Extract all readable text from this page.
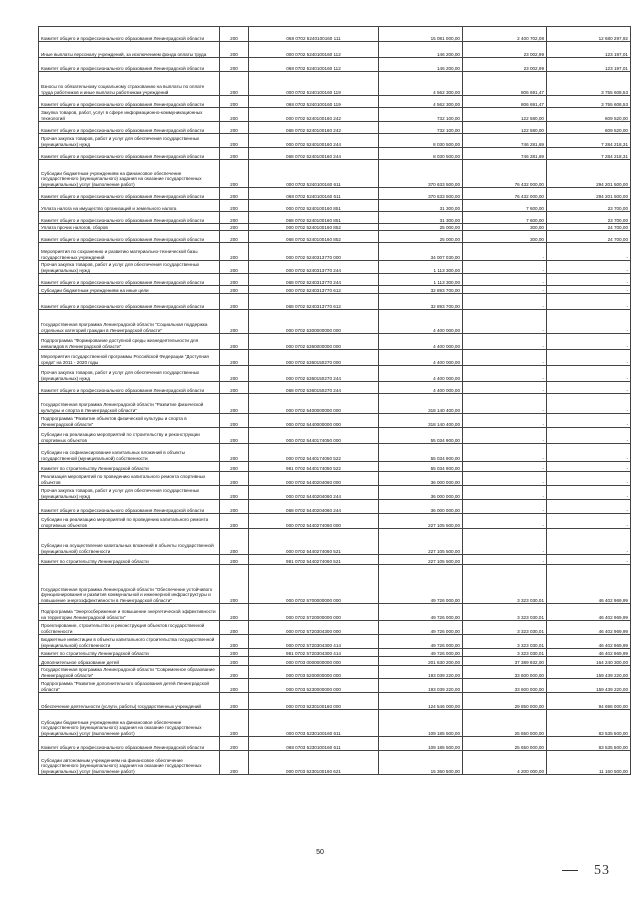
Комитет общего и профессионального образования Ленинградской области	200	068 0702 5240100160 111	15 081 000,00	2 400 702,08	12 680 297,92
Иные выплаты персоналу учреждений, за исключением фонда оплаты труда	200	000 0702 5240100160 112	146 200,00	23 002,99	123 197,01
Комитет общего и профессионального образования Ленинградской области	200	068 0702 5240100160 112	146 200,00	23 002,99	123 197,01
Взносы по обязательному социальному страхованию на выплаты по оплате труда работников и иные выплаты работникам учреждений	200	000 0702 5240100160 119	4 562 300,00	806 691,47	3 755 608,53
Комитет общего и профессионального образования Ленинградской области	200	068 0702 5240100160 119	4 562 300,00	806 691,47	3 755 608,53
Закупка товаров, работ, услуг в сфере информационно-коммуникационных технологий	200	000 0702 5240100160 242	732 100,00	122 580,00	609 520,00
Комитет общего и профессионального образования Ленинградской области	200	068 0702 5240100160 242	732 100,00	122 580,00	609 520,00
Прочая закупка товаров, работ и услуг для обеспечения государственных (муниципальных) нужд	200	000 0702 5240100160 244	8 030 500,00	746 281,69	7 284 218,31
Комитет общего и профессионального образования Ленинградской области	200	068 0702 5240100160 244	8 030 500,00	746 281,69	7 284 218,31
Субсидии бюджетным учреждениям на финансовое обеспечение государственного (муниципального) задания на оказание государственных (муниципальных) услуг (выполнение работ)	200	000 0702 5240100160 611	370 633 500,00	76 432 000,00	294 201 500,00
Комитет общего и профессионального образования Ленинградской области	200	068 0702 5240100160 611	370 633 500,00	76 432 000,00	294 201 500,00
Уплата налога на имущество организаций и земельного налога	200	000 0702 5240100160 851	31 300,00	7 600,00	23 700,00
Комитет общего и профессионального образования Ленинградской области	200	068 0702 5240100160 851	31 300,00	7 600,00	23 700,00
Уплата прочих налогов, сборов	200	000 0702 5240100160 852	25 000,00	300,00	24 700,00
Комитет общего и профессионального образования Ленинградской области	200	068 0702 5240100160 852	25 000,00	300,00	24 700,00
Мероприятия по сохранению и развитию материально-технической базы государственных учреждений	200	000 0702 5240313770 000	34 007 030,00	-	-
Прочая закупка товаров, работ и услуг для обеспечения государственных (муниципальных) нужд	200	000 0702 5240313770 244	1 113 300,00	-	-
Комитет общего и профессионального образования Ленинградской области	200	068 0702 5240313770 244	1 113 300,00	-	-
Субсидии бюджетным учреждениям на иные цели	200	000 0702 5240313770 612	32 893 700,00	-	-
Комитет общего и профессионального образования Ленинградской области	200	068 0702 5240313770 612	32 893 700,00	-	-
Государственная программа Ленинградской области "Социальная поддержка отдельных категорий граждан в Ленинградской области"	200	000 0702 5300000000 000	4 400 000,00	-	-
Подпрограмма "Формирование доступной среды жизнедеятельности для инвалидов в Ленинградской области"	200	000 0702 5360000000 000	4 400 000,00	-	-
Мероприятия государственной программы Российской Федерации "Доступная среда" на 2011 - 2020 годы	200	000 0702 5360150270 000	4 400 000,00	-	-
Прочая закупка товаров, работ и услуг для обеспечения государственных (муниципальных) нужд	200	000 0702 5360150270 244	4 400 000,00	-	-
Комитет общего и профессионального образования Ленинградской области	200	068 0702 5360150270 244	4 400 000,00	-	-
Государственная программа Ленинградской области "Развитие физической культуры и спорта в Ленинградской области"	200	000 0702 5400000000 000	318 140 400,00	-	-
Подпрограмма "Развитие объектов физической культуры и спорта в Ленинградской области"	200	000 0702 5440000000 000	318 140 400,00	-	-
Субсидии на реализацию мероприятий по строительству и реконструкции спортивных объектов	200	000 0702 5440174050 000	55 034 900,00	-	-
Субсидии на софинансирование капитальных вложений в объекты государственной (муниципальной) собственности	200	000 0702 5440174050 522	55 034 900,00	-	-
Комитет по строительству Ленинградской области	200	981 0702 5440174050 522	55 034 900,00	-	-
Реализация мероприятий по проведению капитального ремонта спортивных объектов	200	000 0702 5440204060 000	36 000 000,00	-	-
Прочая закупка товаров, работ и услуг для обеспечения государственных (муниципальных) нужд	200	000 0702 5440204060 244	36 000 000,00	-	-
Комитет общего и профессионального образования Ленинградской области	200	068 0702 5440204060 244	36 000 000,00	-	-
Субсидии на реализацию мероприятий по проведению капитального ремонта спортивных объектов	200	000 0702 5440274060 000	227 105 500,00	-	-
Субсидии на осуществление капитальных вложений в объекты государственной (муниципальной) собственности	200	000 0702 5440274060 521	227 105 500,00	-	-
Комитет по строительству Ленинградской области	200	981 0702 5440274060 521	227 105 500,00	-	-
Государственная программа Ленинградской области "Обеспечение устойчивого функционирования и развития коммунальной и инженерной инфраструктуры и повышение энергоэффективности в Ленинградской области"	200	000 0702 5700000000 000	49 726 000,00	3 323 030,01	46 402 969,99
Подпрограмма "Энергосбережение и повышение энергетической эффективности на территории Ленинградской области"	200	000 0702 5720000000 000	49 726 000,00	3 323 030,01	46 402 969,99
Проектирование, строительство и реконструкция объектов государственной собственности	200	000 0702 5720304300 000	49 726 000,00	3 323 030,01	46 402 969,99
Бюджетные инвестиции в объекты капитального строительства государственной (муниципальной) собственности	200	000 0702 5720304300 414	49 726 000,00	3 323 030,01	46 402 969,99
Комитет по строительству Ленинградской области	200	981 0702 5720304300 414	49 726 000,00	3 323 030,01	46 402 969,99
Дополнительное образование детей	200	000 0703 0000000000 000	201 630 200,00	37 389 932,00	164 240 300,00
Государственная программа Ленинградской области "Современное образование Ленинградской области"	200	000 0703 5200000000 000	193 039 220,00	33 600 000,00	159 439 220,00
Подпрограмма "Развитие дополнительного образования детей Ленинградской области"	200	000 0703 5230000000 000	193 039 220,00	33 600 000,00	159 439 220,00
Обеспечение деятельности (услуги, работы) государственных учреждений	200	000 0703 5230100160 000	124 546 000,00	29 850 000,00	94 696 000,00
Субсидии бюджетным учреждениям на финансовое обеспечение государственного (муниципального) задания на оказание государственных (муниципальных) услуг (выполнение работ)	200	000 0703 5230100160 611	109 185 500,00	25 650 000,00	83 535 500,00
Комитет общего и профессионального образования Ленинградской области	200	068 0703 5230100160 611	109 185 500,00	25 650 000,00	83 535 500,00
Субсидии автономным учреждениям на финансовое обеспечение государственного (муниципального) задания на оказание государственных (муниципальных) услуг (выполнение работ)	200	000 0703 5230100160 621	15 360 500,00	4 200 000,00	11 160 500,00
50
53
